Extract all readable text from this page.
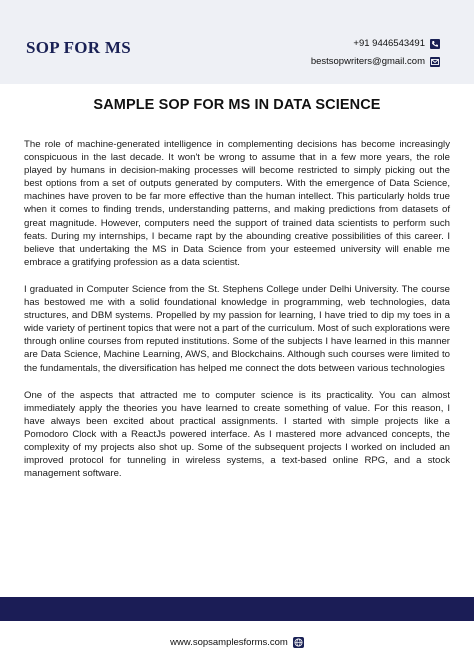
SOP FOR MS	+91 9446543491
bestsopwriters@gmail.com
SAMPLE SOP FOR MS IN DATA SCIENCE

The role of machine-generated intelligence in complementing decisions has become increasingly conspicuous in the last decade. It won't be wrong to assume that in a few more years, the role played by humans in decision-making processes will become restricted to simply picking out the best options from a set of outputs generated by computers. With the emergence of Data Science, machines have proven to be far more effective than the human intellect. This particularly holds true when it comes to finding trends, understanding patterns, and making predictions from datasets of great magnitude. However, computers need the support of trained data scientists to perform such feats. During my internships, I became rapt by the abounding creative possibilities of this career. I believe that undertaking the MS in Data Science from your esteemed university will enable me embrace a gratifying profession as a data scientist.

I graduated in Computer Science from the St. Stephens College under Delhi University. The course has bestowed me with a solid foundational knowledge in programming, web technologies, data structures, and DBM systems. Propelled by my passion for learning, I have tried to dip my toes in a wide variety of pertinent topics that were not a part of the curriculum. Most of such explorations were through online courses from reputed institutions. Some of the subjects I have learned in this manner are Data Science, Machine Learning, AWS, and Blockchains. Although such courses were limited to the fundamentals, the diversification has helped me connect the dots between various technologies

One of the aspects that attracted me to computer science is its practicality. You can almost immediately apply the theories you have learned to create something of value. For this reason, I have always been excited about practical assignments. I started with simple projects like a Pomodoro Clock with a ReactJs powered interface. As I mastered more advanced concepts, the complexity of my projects also shot up. Some of the subsequent projects I worked on included an improved protocol for tunneling in wireless systems, a text-based online RPG, and a stock management software.

www.sopsamplesforms.com
